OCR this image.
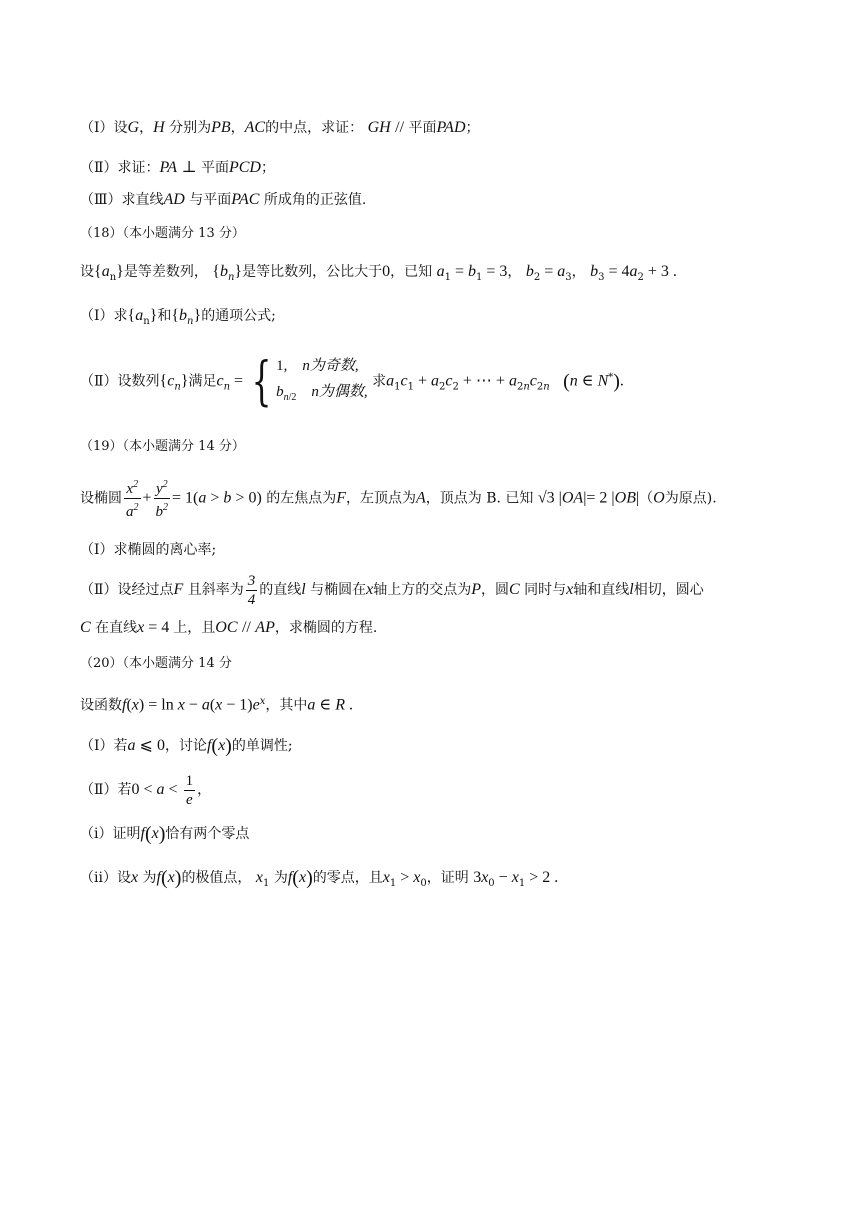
（Ⅰ）设G，H 分别为PB，AC的中点，求证： GH // 平面PAD；
（Ⅱ）求证：PA ⊥ 平面PCD；
（Ⅲ）求直线AD 与平面PAC 所成角的正弦值.
（18）（本小题满分 13 分）
设$\{a_n\}$是等差数列， $\{b_n\}$是等比数列，公比大于0，已知 $a_1 = b_1 = 3$， $b_2 = a_3$， $b_3 = 4a_2 + 3$ .
（Ⅰ）求$\{a_n\}$和$\{b_n\}$的通项公式;
（Ⅱ）设数列$\{c_n\}$满足$c_n$ = { 1, n为奇数,
$b_{n/2}$ n为偶数,
求$a_1c_1 + a_2c_2$ + ⋯ + $a_{2n}c_{2n}$ (n ∈ N*).
（19）（本小题满分 14 分）
设椭圆 $\frac{x^2}{a^2} + \frac{y^2}{b^2} = 1(a > b > 0)$ 的左焦点为F，左顶点为A，顶点为 B. 已知 √3 |OA|= 2 |OB|（O为原点).
（Ⅰ）求椭圆的离心率;
（Ⅱ）设经过点F 且斜率为 $\frac{3}{4}$ 的直线l 与椭圆在x轴上方的交点为P，圆C 同时与x轴和直线l相切，圆心
C 在直线x = 4 上，且OC // AP，求椭圆的方程.
（20）（本小题满分 14 分
设函数$f(x) = \ln x - a(x - 1)e^x$，其中a ∈ R .
（Ⅰ）若a ⩽ 0，讨论f(x)的单调性;
（Ⅱ）若$0 < a < \frac{1}{e}$ ，
（i）证明f(x)恰有两个零点
（ii）设x 为f(x)的极值点， $x_1$ 为f(x)的零点，且$x_1 > x_0$，证明 $3x_0 - x_1 > 2$ .
